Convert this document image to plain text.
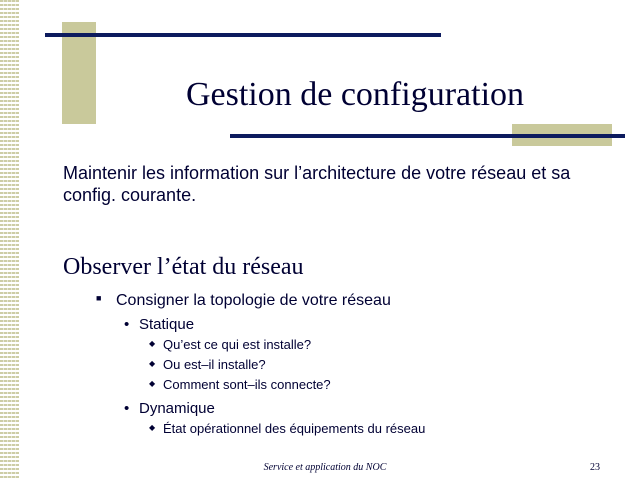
Gestion de configuration
Maintenir les information sur l’architecture de votre réseau et sa config. courante.
Observer l’état du réseau
■ Consigner la topologie de votre réseau
• Statique
◆ Qu’est ce qui est installe?
◆ Ou est–il installe?
◆ Comment sont–ils connecte?
• Dynamique
◆ État opérationnel des équipements du réseau
Service et application du NOC	23
